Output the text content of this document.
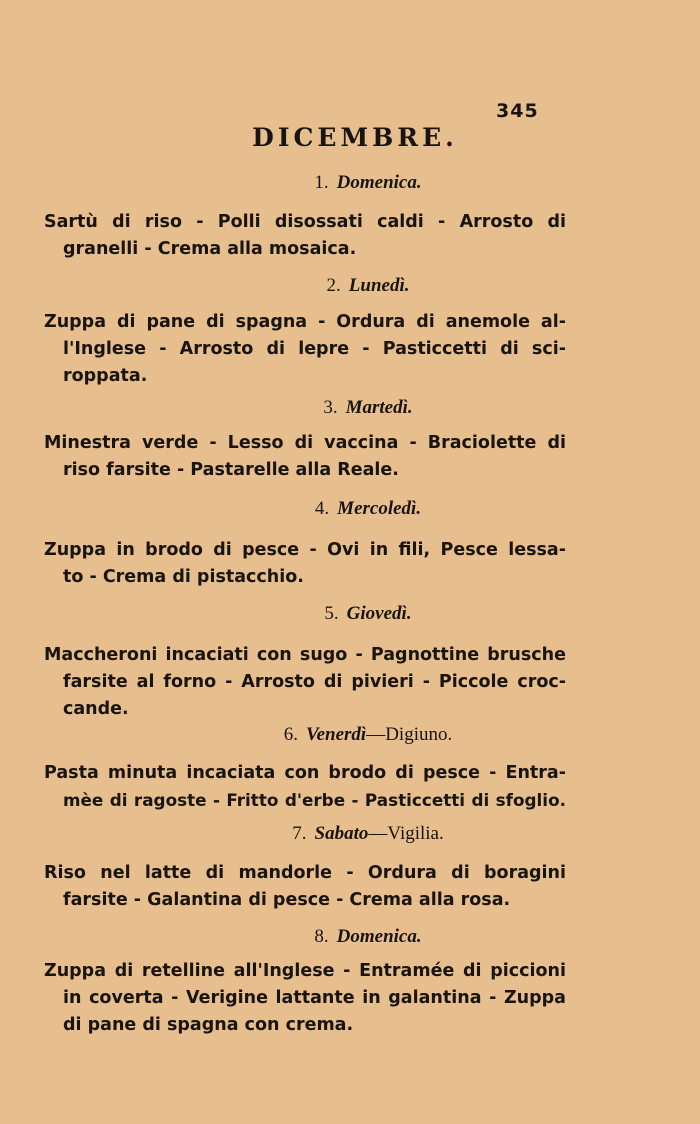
345
DICEMBRE.
1. Domenica.
Sartù di riso - Polli disossati caldi - Arrosto di
granelli - Crema alla mosaica.
2. Lunedì.
Zuppa di pane di spagna - Ordura di anemole al-
l'Inglese - Arrosto di lepre - Pasticcetti di sci-
roppata.
3. Martedì.
Minestra verde - Lesso di vaccina - Braciolette di
riso farsite - Pastarelle alla Reale.
4. Mercoledì.
Zuppa in brodo di pesce - Ovi in fili, Pesce lessa-
to - Crema di pistacchio.
5. Giovedì.
Maccheroni incaciati con sugo - Pagnottine brusche
farsite al forno - Arrosto di pivieri - Piccole croc-
cande.
6. Venerdì—Digiuno.
Pasta minuta incaciata con brodo di pesce - Entra-
mèe di ragoste - Fritto d'erbe - Pasticcetti di sfoglio.
7. Sabato—Vigilia.
Riso nel latte di mandorle - Ordura di boragini
farsite - Galantina di pesce - Crema alla rosa.
8. Domenica.
Zuppa di retelline all'Inglese - Entramée di piccioni
in coverta - Verigine lattante in galantina - Zuppa
di pane di spagna con crema.
